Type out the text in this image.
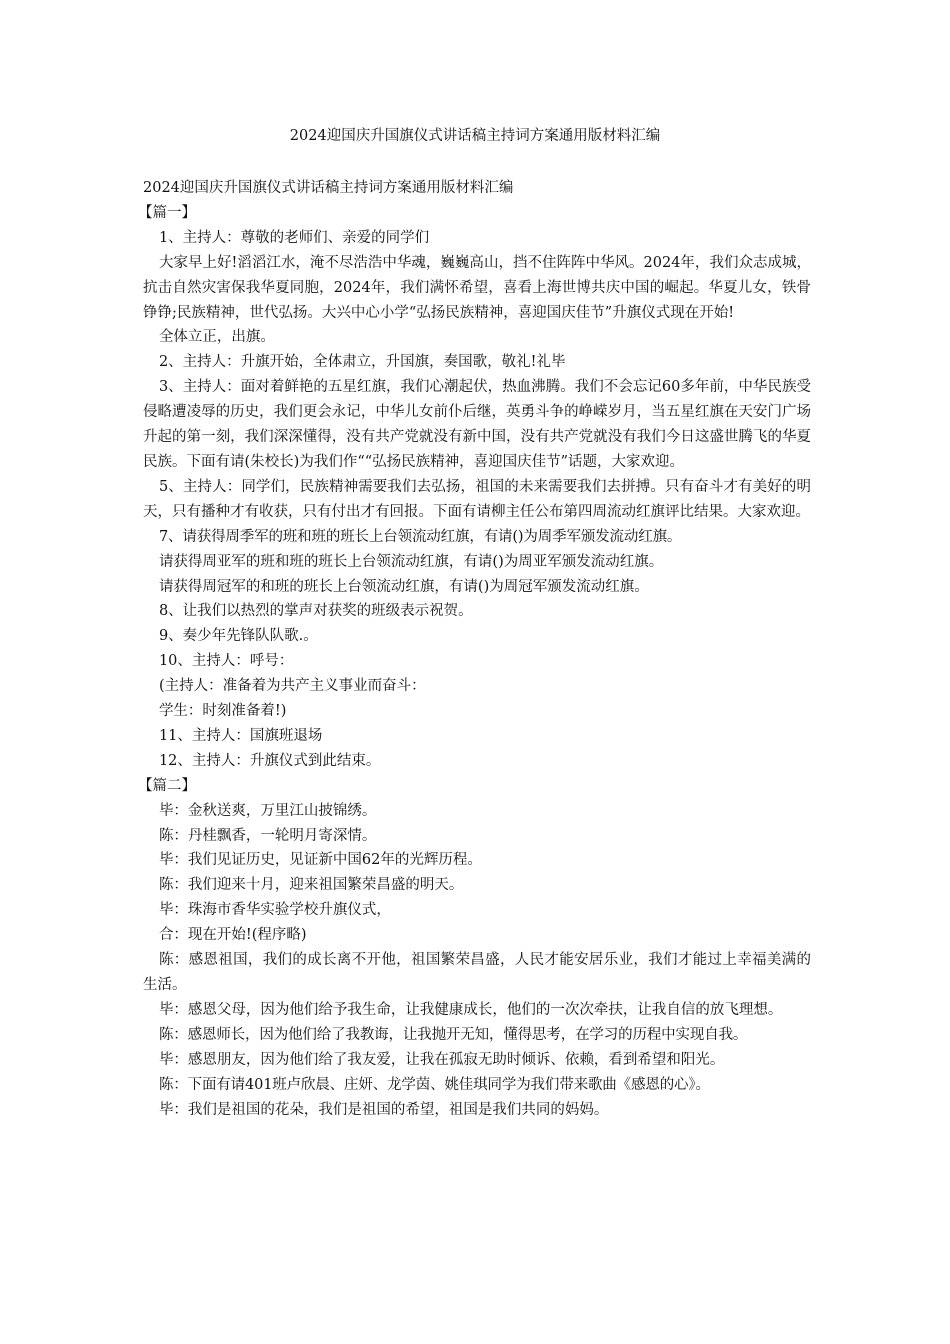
2024迎国庆升国旗仪式讲话稿主持词方案通用版材料汇编

2024迎国庆升国旗仪式讲话稿主持词方案通用版材料汇编

【篇一】

1、主持人：尊敬的老师们、亲爱的同学们

大家早上好!滔滔江水，淹不尽浩浩中华魂，巍巍高山，挡不住阵阵中华风。2024年，我们众志成城，抗击自然灾害保我华夏同胞，2024年，我们满怀希望，喜看上海世博共庆中国的崛起。华夏儿女，铁骨铮铮;民族精神，世代弘扬。大兴中心小学“弘扬民族精神，喜迎国庆佳节”升旗仪式现在开始!

全体立正，出旗。

2、主持人：升旗开始，全体肃立，升国旗，奏国歌，敬礼!礼毕

3、主持人：面对着鲜艳的五星红旗，我们心潮起伏，热血沸腾。我们不会忘记60多年前，中华民族受侵略遭凌辱的历史，我们更会永记，中华儿女前仆后继，英勇斗争的峥嵘岁月，当五星红旗在天安门广场升起的第一刻，我们深深懂得，没有共产党就没有新中国，没有共产党就没有我们今日这盛世腾飞的华夏民族。下面有请(朱校长)为我们作““弘扬民族精神，喜迎国庆佳节”话题，大家欢迎。

5、主持人：同学们，民族精神需要我们去弘扬，祖国的未来需要我们去拼搏。只有奋斗才有美好的明天，只有播种才有收获，只有付出才有回报。下面有请柳主任公布第四周流动红旗评比结果。大家欢迎。

7、请获得周季军的班和班的班长上台领流动红旗，有请()为周季军颁发流动红旗。

请获得周亚军的班和班的班长上台领流动红旗，有请()为周亚军颁发流动红旗。

请获得周冠军的和班的班长上台领流动红旗，有请()为周冠军颁发流动红旗。

8、让我们以热烈的掌声对获奖的班级表示祝贺。

9、奏少年先锋队队歌.。

10、主持人：呼号：

(主持人：准备着为共产主义事业而奋斗：

学生：时刻准备着!)

11、主持人：国旗班退场

12、主持人：升旗仪式到此结束。

【篇二】

毕：金秋送爽，万里江山披锦绣。

陈：丹桂飘香，一轮明月寄深情。

毕：我们见证历史，见证新中国62年的光辉历程。

陈：我们迎来十月，迎来祖国繁荣昌盛的明天。

毕：珠海市香华实验学校升旗仪式，

合：现在开始!(程序略)

陈：感恩祖国，我们的成长离不开他，祖国繁荣昌盛，人民才能安居乐业，我们才能过上幸福美满的生活。

毕：感恩父母，因为他们给予我生命，让我健康成长，他们的一次次牵扶，让我自信的放飞理想。

陈：感恩师长，因为他们给了我教诲，让我抛开无知，懂得思考，在学习的历程中实现自我。

毕：感恩朋友，因为他们给了我友爱，让我在孤寂无助时倾诉、依赖，看到希望和阳光。

陈：下面有请401班卢欣晨、庄妍、龙学茵、姚佳琪同学为我们带来歌曲《感恩的心》。

毕：我们是祖国的花朵，我们是祖国的希望，祖国是我们共同的妈妈。
